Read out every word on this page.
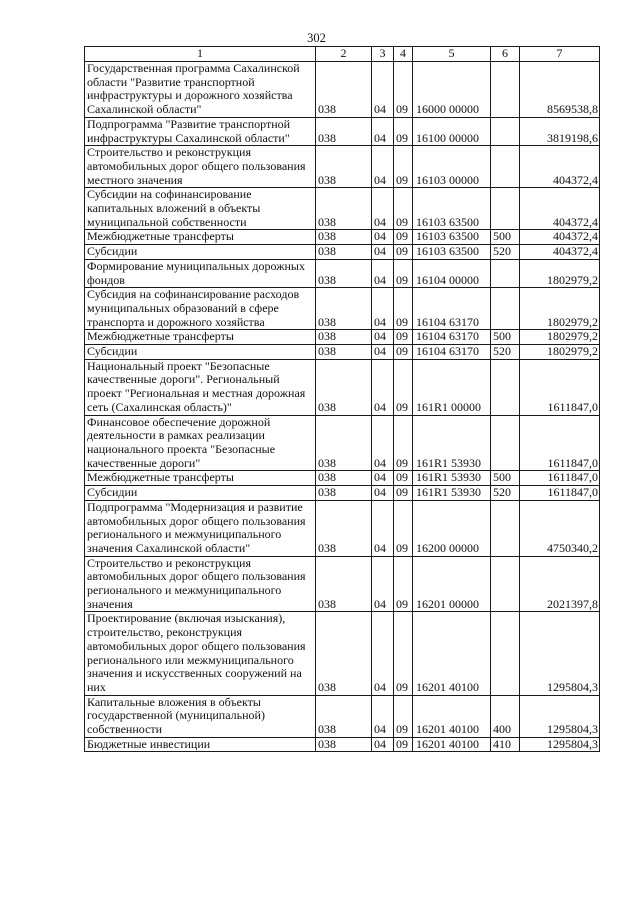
302
1	2	3	4	5	6	7
Государственная программа Сахалинской области "Развитие транспортной инфраструктуры и дорожного хозяйства Сахалинской области"	038	04	09	16000 00000		8569538,8
Подпрограмма "Развитие транспортной инфраструктуры Сахалинской области"	038	04	09	16100 00000		3819198,6
Строительство и реконструкция автомобильных дорог общего пользования местного значения	038	04	09	16103 00000		404372,4
Субсидии на софинансирование капитальных вложений в объекты муниципальной собственности	038	04	09	16103 63500		404372,4
Межбюджетные трансферты	038	04	09	16103 63500	500	404372,4
Субсидии	038	04	09	16103 63500	520	404372,4
Формирование муниципальных дорожных фондов	038	04	09	16104 00000		1802979,2
Субсидия на софинансирование расходов муниципальных образований в сфере транспорта и дорожного хозяйства	038	04	09	16104 63170		1802979,2
Межбюджетные трансферты	038	04	09	16104 63170	500	1802979,2
Субсидии	038	04	09	16104 63170	520	1802979,2
Национальный проект "Безопасные качественные дороги". Региональный проект "Региональная и местная дорожная сеть (Сахалинская область)"	038	04	09	161R1 00000		1611847,0
Финансовое обеспечение дорожной деятельности в рамках реализации национального проекта "Безопасные качественные дороги"	038	04	09	161R1 53930		1611847,0
Межбюджетные трансферты	038	04	09	161R1 53930	500	1611847,0
Субсидии	038	04	09	161R1 53930	520	1611847,0
Подпрограмма "Модернизация и развитие автомобильных дорог общего пользования регионального и межмуниципального значения Сахалинской области"	038	04	09	16200 00000		4750340,2
Строительство и реконструкция автомобильных дорог общего пользования регионального и межмуниципального значения	038	04	09	16201 00000		2021397,8
Проектирование (включая изыскания), строительство, реконструкция автомобильных дорог общего пользования регионального или межмуниципального значения и искусственных сооружений на них	038	04	09	16201 40100		1295804,3
Капитальные вложения в объекты государственной (муниципальной) собственности	038	04	09	16201 40100	400	1295804,3
Бюджетные инвестиции	038	04	09	16201 40100	410	1295804,3
